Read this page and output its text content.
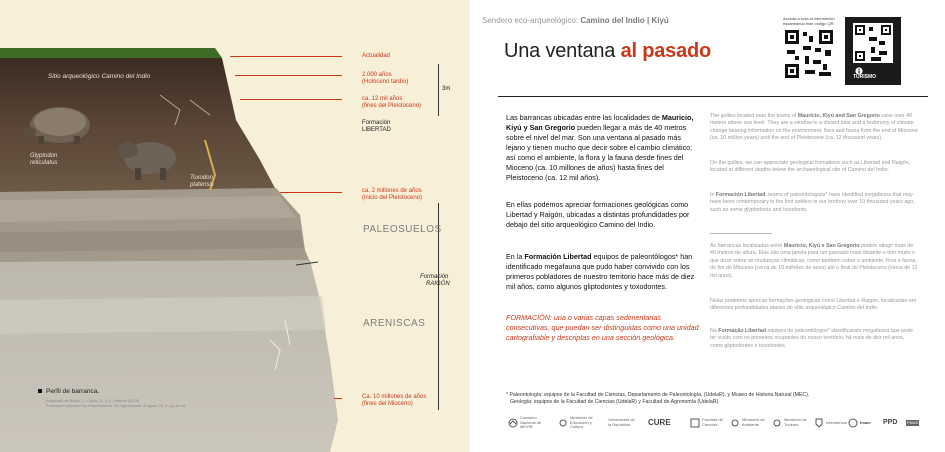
Sitio arqueológico Camino del Indio
Glyptodon
reticulatus
Toxodon
platensis
Actualidad
2.000 años
(Holoceno tardío)
3m
ca. 12 mil años
(fines del Pleistoceno)
Formación
LIBERTAD
ca. 2 millones de años
(inicio del Pleistoceno)
PALEOSUELOS
Formación
RAIGÓN
ARENISCAS
Ca. 10 millones de años
(fines del Mioceno)
Perfil de barranca.
Adaptado de Bossi, J., Calvo, A., y S. Marmol (2010)
Formación Libertad: su reformulación. En Agrociencia Uruguay 25, 1: pp.36-44.
Sendero eco-arqueológico: Camino del Indio | Kiyú
Una ventana al pasado
Acceda a toda la información
escaneando este código QR:
TURISMO
Las barrancas ubicadas entre las localidades de Mauricio, Kiyú y San Gregorio pueden llegar a más de 40 metros sobre el nivel del mar. Son una ventana al pasado más lejano y tienen mucho que decir sobre el cambio climático; así como el ambiente, la flora y la fauna desde fines del Mioceno (ca. 10 millones de años) hasta fines del Pleistoceno (ca. 12 mil años).
En ellas podemos apreciar formaciones geológicas como Libertad y Raigón, ubicadas a distintas profundidades por debajo del sitio arqueológico Camino del Indio.
En la Formación Libertad equipos de paleontólogos* han identificado megafauna que pudo haber convivido con los primeros pobladores de nuestro territorio hace más de diez mil años, como algunos gliptodontes y toxodontes.
FORMACIÓN: una o varias capas sedimentarias consecutivas, que puedan ser distinguidas como una unidad cartografiable y descriptas en una sección geológica.
The gullies located near the towns of Mauricio, Kiyú and San Gregorio raise over 40 meters above sea level. They are a window to a distant past and a testimony of climate change bearing information on the environment, flora and fauna from the end of Miocene (ca. 10 million years) until the end of Pleistocene (ca. 12 thousand years).
On the gullies, we can appreciate geological formations such as Libertad and Raigón, located at different depths below the archaeological site of Camino del Indio.
In Formación Libertad, teams of paleontologists* have identified megafauna that may have been contemporary to the first settlers in our territory over 10 thousand years ago, such as some glyptodonts and toxodonts.
As barrancas localizadas entre Mauricio, Kiyú e San Gregorio podem atingir mais de 40 metros de altura. Elas são uma janela para um passado mais distante e têm muito o que dizer sobre as mudanças climáticas, como também sobre o ambiente, flora e fauna, do fim do Mioceno (cerca de 10 milhões de anos) até o final do Pleistoceno (cerca de 12 mil anos).
Nelas podemos apreciar formações geológicas como Libertad e Raigón, localizadas em diferentes profundidades abaixo do sítio arqueológico Camino del Indio.
Na Formação Libertad equipes de paleontólogos* identificaram megafauna que pode ter vivido com os primeiros ocupantes do nosso território, há mais de dez mil anos, como gliptodontes e toxodontes.
* Paleontología: equipos de la Facultad de Ciencias, Departamento de Paleontología, (UdelaR), y Museo de Historia Natural (MEC).
Geología: equipos de la Facultad de Ciencias (UdelaR) y Facultad de Agronomía (UdelaR).
Comisión Nacional de MEVIR
Ministerio de Educación y Cultura
Universidad de la República	CURE	Facultad de Ciencias
Ministerio de Ambiente
Ministerio de Turismo	Intendencia	fmam PPD PNUD
